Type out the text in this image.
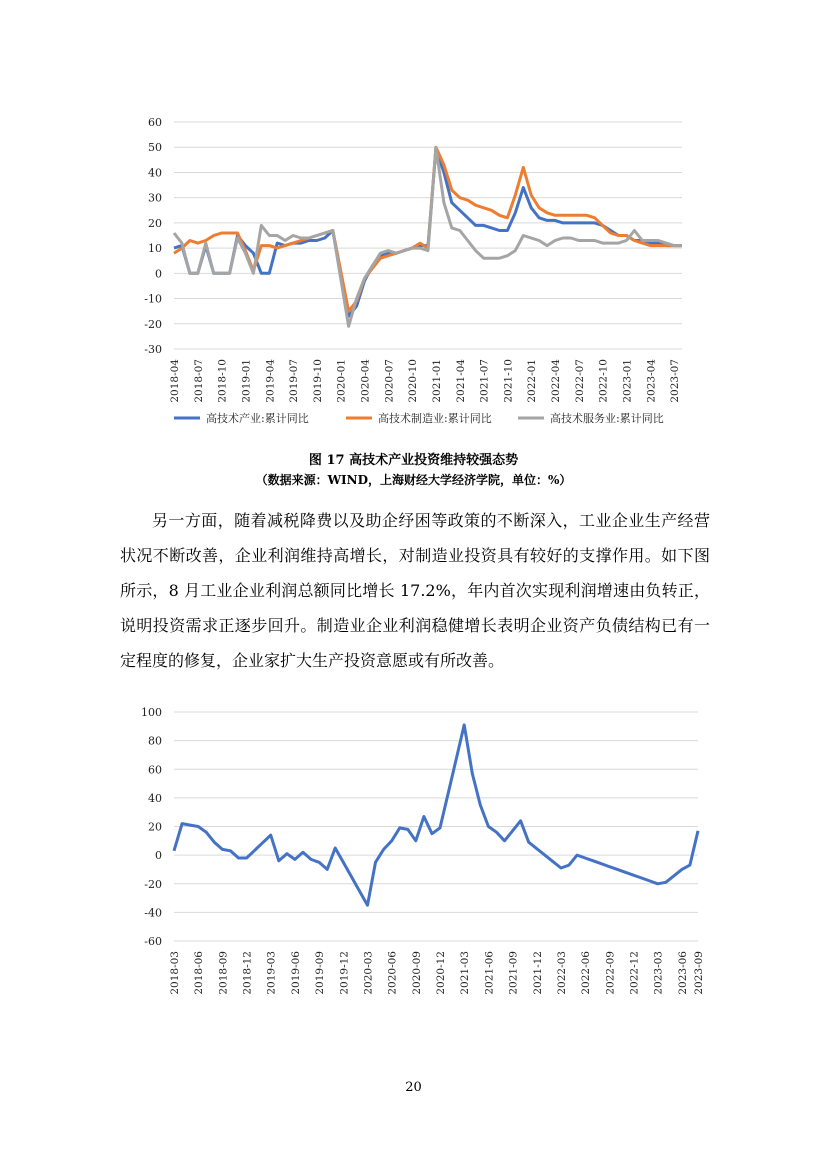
-30
-20
-10
0
10
20
30
40
50
60
2018-04 2018-07 2018-10 2019-01 2019-04 2019-07 2019-10 2020-01 2020-04 2020-07 2020-10 2021-01 2021-04 2021-07 2021-10 2022-01 2022-04 2022-07 2022-10 2023-01 2023-04 2023-07
高技术产业:累计同比	高技术制造业:累计同比	高技术服务业:累计同比
图 17 高技术产业投资维持较强态势
（数据来源：WIND，上海财经大学经济学院，单位：%）

另一方面，随着减税降费以及助企纾困等政策的不断深入，工业企业生产经营状况不断改善，企业利润维持高增长，对制造业投资具有较好的支撑作用。如下图所示，8 月工业企业利润总额同比增长 17.2%，年内首次实现利润增速由负转正，说明投资需求正逐步回升。制造业企业利润稳健增长表明企业资产负债结构已有一定程度的修复，企业家扩大生产投资意愿或有所改善。

-60
-40
-20
0
20
40
60
80
100
2018-03 2018-06 2018-09 2018-12 2019-03 2019-06 2019-09 2019-12 2020-03 2020-06 2020-09 2020-12 2021-03 2021-06 2021-09 2021-12 2022-03 2022-06 2022-09 2022-12 2023-03 2023-06 2023-09
20
